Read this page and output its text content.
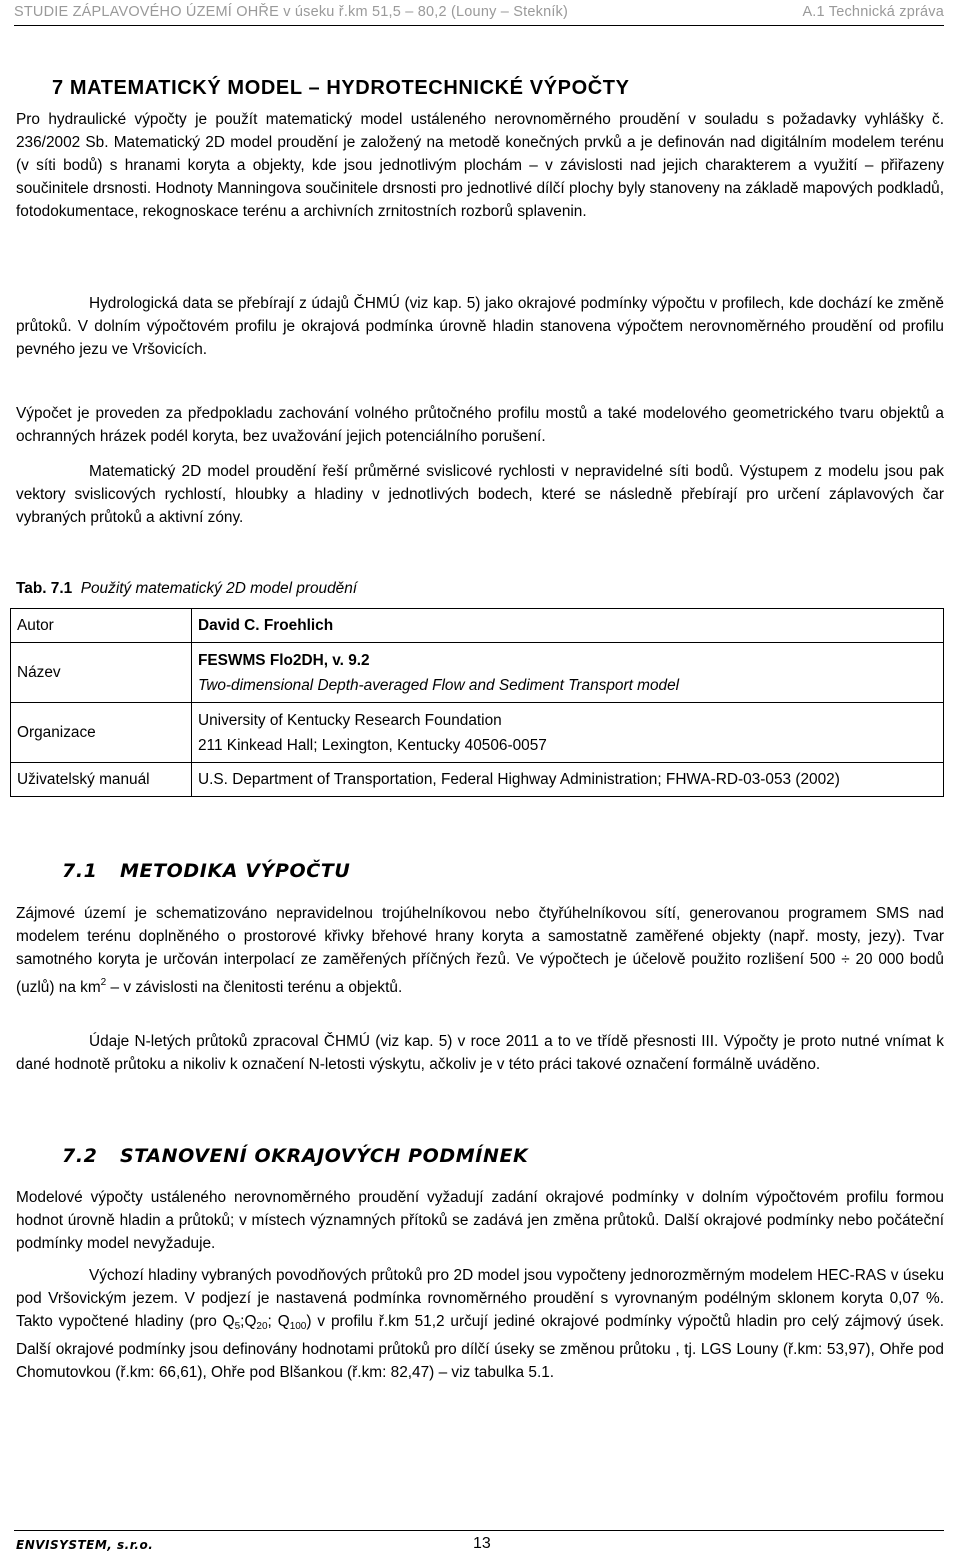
STUDIE ZÁPLAVOVÉHO ÚZEMÍ OHŘE v úseku ř.km 51,5 – 80,2 (Louny – Stekník)	A.1 Technická zpráva
7 MATEMATICKÝ MODEL – HYDROTECHNICKÉ VÝPOČTY

Pro hydraulické výpočty je použít matematický model ustáleného nerovnoměrného proudění v souladu s požadavky vyhlášky č. 236/2002 Sb. Matematický 2D model proudění je založený na metodě konečných prvků a je definován nad digitálním modelem terénu (v síti bodů) s hranami koryta a objekty, kde jsou jednotlivým plochám – v závislosti nad jejich charakterem a využití – přiřazeny součinitele drsnosti. Hodnoty Manningova součinitele drsnosti pro jednotlivé dílčí plochy byly stanoveny na základě mapových podkladů, fotodokumentace, rekognoskace terénu a archivních zrnitostních rozborů splavenin.

Hydrologická data se přebírají z údajů ČHMÚ (viz kap. 5) jako okrajové podmínky výpočtu v profilech, kde dochází ke změně průtoků. V dolním výpočtovém profilu je okrajová podmínka úrovně hladin stanovena výpočtem nerovnoměrného proudění od profilu pevného jezu ve Vršovicích.

Výpočet je proveden za předpokladu zachování volného průtočného profilu mostů a také modelového geometrického tvaru objektů a ochranných hrázek podél koryta, bez uvažování jejich potenciálního porušení.

Matematický 2D model proudění řeší průměrné svislicové rychlosti v nepravidelné síti bodů. Výstupem z modelu jsou pak vektory svislicových rychlostí, hloubky a hladiny v jednotlivých bodech, které se následně přebírají pro určení záplavových čar vybraných průtoků a aktivní zóny.

Tab. 7.1 Použitý matematický 2D model proudění
Autor	David C. Froehlich

Název	FESWMS Flo2DH, v. 9.2
Two-dimensional Depth-averaged Flow and Sediment Transport model

Organizace	University of Kentucky Research Foundation
211 Kinkead Hall; Lexington, Kentucky 40506-0057

Uživatelský manuál	U.S. Department of Transportation, Federal Highway Administration; FHWA-RD-03-053 (2002)
7.1 METODIKA VÝPOČTU

Zájmové území je schematizováno nepravidelnou trojúhelníkovou nebo čtyřúhelníkovou sítí, generovanou programem SMS nad modelem terénu doplněného o prostorové křivky břehové hrany koryta a samostatně zaměřené objekty (např. mosty, jezy). Tvar samotného koryta je určován interpolací ze zaměřených příčných řezů. Ve výpočtech je účelově použito rozlišení 500 ÷ 20 000 bodů (uzlů) na $km^2$ – v závislosti na členitosti terénu a objektů.

Údaje N-letých průtoků zpracoval ČHMÚ (viz kap. 5) v roce 2011 a to ve třídě přesnosti III. Výpočty je proto nutné vnímat k dané hodnotě průtoku a nikoliv k označení N-letosti výskytu, ačkoliv je v této práci takové označení formálně uváděno.

7.2 STANOVENÍ OKRAJOVÝCH PODMÍNEK

Modelové výpočty ustáleného nerovnoměrného proudění vyžadují zadání okrajové podmínky v dolním výpočtovém profilu formou hodnot úrovně hladin a průtoků; v místech významných přítoků se zadává jen změna průtoků. Další okrajové podmínky nebo počáteční podmínky model nevyžaduje.

Výchozí hladiny vybraných povodňových průtoků pro 2D model jsou vypočteny jednorozměrným modelem HEC-RAS v úseku pod Vršovickým jezem. V podjezí je nastavená podmínka rovnoměrného proudění s vyrovnaným podélným sklonem koryta 0,07 %. Takto vypočtené hladiny (pro $Q_5;Q_{20}$; $Q_{100}$) v profilu ř.km 51,2 určují jediné okrajové podmínky výpočtů hladin pro celý zájmový úsek. Další okrajové podmínky jsou definovány hodnotami průtoků pro dílčí úseky se změnou průtoku , tj. LGS Louny (ř.km: 53,97), Ohře pod Chomutovkou (ř.km: 66,61), Ohře pod Blšankou (ř.km: 82,47) – viz tabulka 5.1.

ENVISYSTEM, s.r.o.	13
